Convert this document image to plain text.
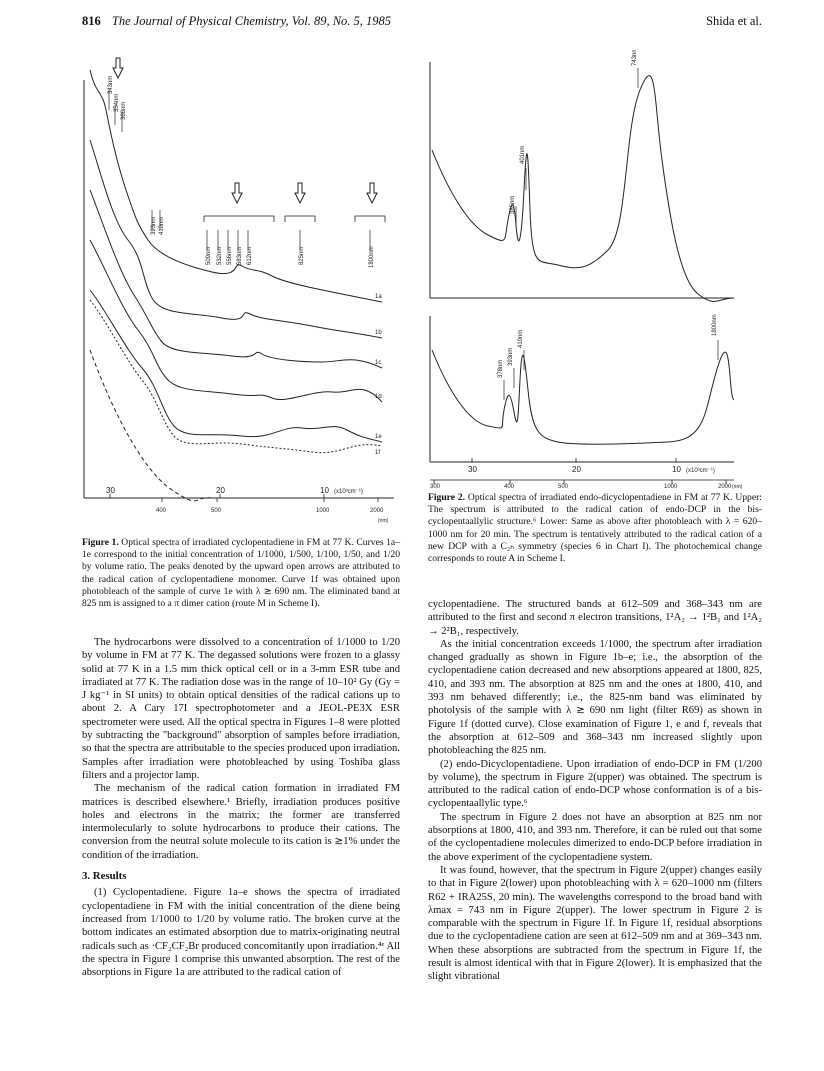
816 The Journal of Physical Chemistry, Vol. 89, No. 5, 1985	Shida et al.
343nm
354nm 368nm
393nm 410nm
509nm 532nm 556nm 583nm 612nm	825nm	1800nm
1a
1b
1c
1d
1e
1f
30	20	10 (x10³cm⁻¹)
400	500	1000	2000
(nm)
Figure 1. Optical spectra of irradiated cyclopentadiene in FM at 77 K. Curves 1a–1e correspond to the initial concentration of 1/1000, 1/500, 1/100, 1/50, and 1/20 by volume ratio. The peaks denoted by the upward open arrows are attributed to the radical cation of cyclopentadiene monomer. Curve 1f was obtained upon photobleach of the sample of curve 1e with λ ≳ 690 nm. The eliminated band at 825 nm is assigned to a π dimer cation (route M in Scheme I).
385nm
401nm
743nm
378nm
393nm
410nm
1800nm
30	20	10 (x10³cm⁻¹)
300	400	500	1000	2000 (nm)
Figure 2. Optical spectra of irradiated endo-dicyclopentadiene in FM at 77 K. Upper: The spectrum is attributed to the radical cation of endo-DCP in the bis-cyclopentaallylic structure.⁶ Lower: Same as above after photobleach with λ = 620–1000 nm for 20 min. The spectrum is tentatively attributed to the radical cation of a new DCP with a C₂ₕ symmetry (species 6 in Chart I). The photochemical change corresponds to route A in Scheme I.

The hydrocarbons were dissolved to a concentration of 1/1000 to 1/20 by volume in FM at 77 K. The degassed solutions were frozen to a glassy solid at 77 K in a 1.5 mm thick optical cell or in a 3-mm ESR tube and irradiated at 77 K. The radiation dose was in the range of 10–10² Gy (Gy = J kg⁻¹ in SI units) to obtain optical densities of the radical cations up to about 2. A Cary 17I spectrophotometer and a JEOL-PE3X ESR spectrometer were used. All the optical spectra in Figures 1–8 were plotted by subtracting the "background" absorption of samples before irradiation, so that the spectra are attributable to the species produced upon irradiation. Samples after irradiation were photobleached by using Toshiba glass filters and a projector lamp.

The mechanism of the radical cation formation in irradiated FM matrices is described elsewhere.¹ Briefly, irradiation produces positive holes and electrons in the matrix; the former are transferred intermolecularly to solute hydrocarbons to produce their cations. The conversion from the neutral solute molecule to its cation is ≳1% under the condition of the irradiation.

3. Results

(1) Cyclopentadiene. Figure 1a–e shows the spectra of irradiated cyclopentadiene in FM with the initial concentration of the diene being increased from 1/1000 to 1/20 by volume ratio. The broken curve at the bottom indicates an estimated absorption due to matrix-originating neutral radicals such as ·CF₂CF₂Br produced concomitantly upon irradiation.⁴ᵉ All the spectra in Figure 1 comprise this unwanted absorption. The rest of the absorptions in Figure 1a are attributed to the radical cation of

cyclopentadiene. The structured bands at 612–509 and 368–343 nm are attributed to the first and second π electron transitions, 1²A₂ → 1²B₁ and 1²A₂ → 2²B₁, respectively.

As the initial concentration exceeds 1/1000, the spectrum after irradiation changed gradually as shown in Figure 1b–e; i.e., the absorption of the cyclopentadiene cation decreased and new absorptions appeared at 1800, 825, 410, and 393 nm. The absorption at 825 nm and the ones at 1800, 410, and 393 nm behaved differently; i.e., the 825-nm band was eliminated by photolysis of the sample with λ ≳ 690 nm light (filter R69) as shown in Figure 1f (dotted curve). Close examination of Figure 1, e and f, reveals that the absorption at 612–509 and 368–343 nm increased slightly upon photobleaching the 825 nm.

(2) endo-Dicyclopentadiene. Upon irradiation of endo-DCP in FM (1/200 by volume), the spectrum in Figure 2(upper) was obtained. The spectrum is attributed to the radical cation of endo-DCP whose conformation is of a bis-cyclopentaallylic type.⁶

The spectrum in Figure 2 does not have an absorption at 825 nm nor absorptions at 1800, 410, and 393 nm. Therefore, it can be ruled out that some of the cyclopentadiene molecules dimerized to endo-DCP before irradiation in the above experiment of the cyclopentadiene system.

It was found, however, that the spectrum in Figure 2(upper) changes easily to that in Figure 2(lower) upon photobleaching with λ = 620–1000 nm (filters R62 + IRA25S, 20 min). The wavelengths correspond to the broad band with λmax = 743 nm in Figure 2(upper). The lower spectrum in Figure 2 is comparable with the spectrum in Figure 1f. In Figure 1f, residual absorptions due to the cyclopentadiene cation are seen at 612–509 nm and at 369–343 nm. When these absorptions are subtracted from the spectrum in Figure 1f, the result is almost identical with that in Figure 2(lower). It is emphasized that the slight vibrational
